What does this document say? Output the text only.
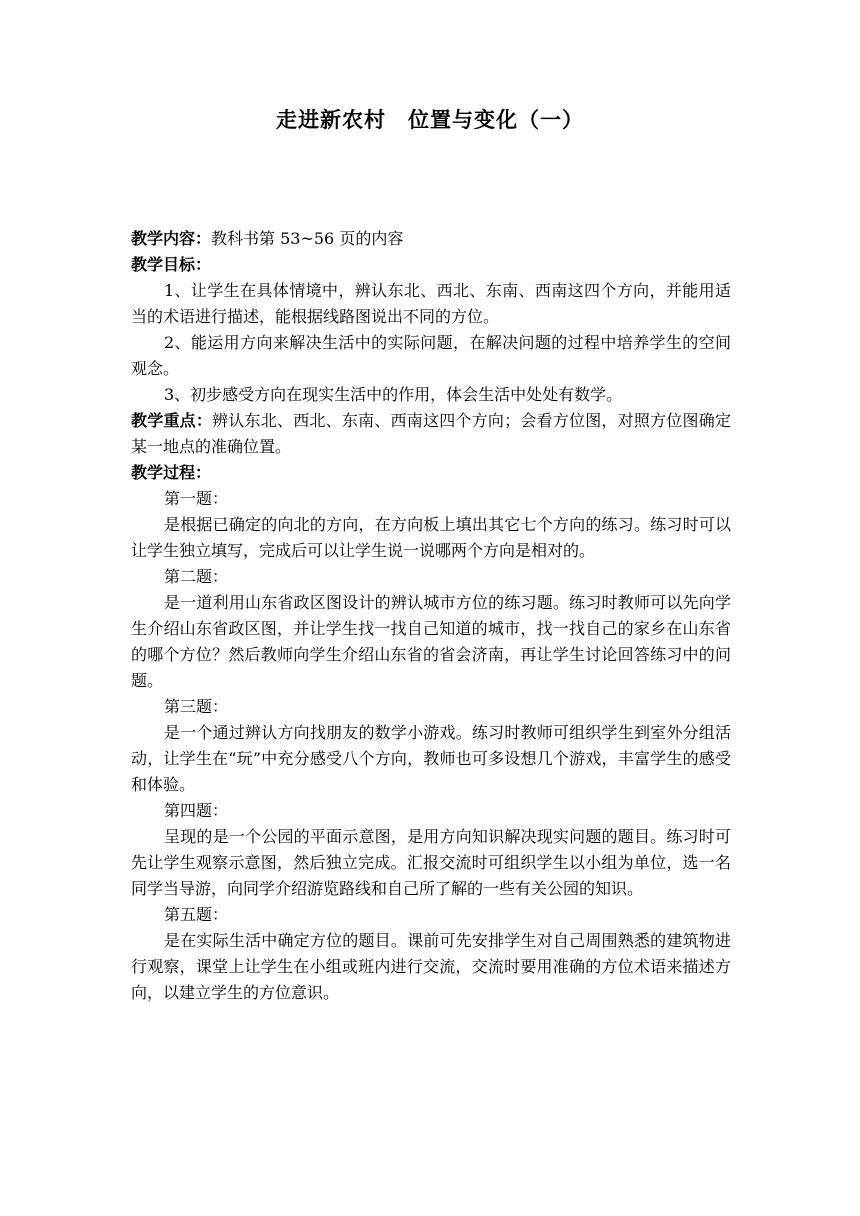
走进新农村　位置与变化（一）

教学内容：教科书第 53~56 页的内容

教学目标：

1、让学生在具体情境中，辨认东北、西北、东南、西南这四个方向，并能用适当的术语进行描述，能根据线路图说出不同的方位。

2、能运用方向来解决生活中的实际问题，在解决问题的过程中培养学生的空间观念。

3、初步感受方向在现实生活中的作用，体会生活中处处有数学。

教学重点：辨认东北、西北、东南、西南这四个方向；会看方位图，对照方位图确定某一地点的准确位置。

教学过程：

第一题：

是根据已确定的向北的方向，在方向板上填出其它七个方向的练习。练习时可以让学生独立填写，完成后可以让学生说一说哪两个方向是相对的。

第二题：

是一道利用山东省政区图设计的辨认城市方位的练习题。练习时教师可以先向学生介绍山东省政区图，并让学生找一找自己知道的城市，找一找自己的家乡在山东省的哪个方位？然后教师向学生介绍山东省的省会济南，再让学生讨论回答练习中的问题。

第三题：

是一个通过辨认方向找朋友的数学小游戏。练习时教师可组织学生到室外分组活动，让学生在“玩”中充分感受八个方向，教师也可多设想几个游戏，丰富学生的感受和体验。

第四题：

呈现的是一个公园的平面示意图，是用方向知识解决现实问题的题目。练习时可先让学生观察示意图，然后独立完成。汇报交流时可组织学生以小组为单位，选一名同学当导游，向同学介绍游览路线和自己所了解的一些有关公园的知识。

第五题：

是在实际生活中确定方位的题目。课前可先安排学生对自己周围熟悉的建筑物进行观察，课堂上让学生在小组或班内进行交流，交流时要用准确的方位术语来描述方向，以建立学生的方位意识。
